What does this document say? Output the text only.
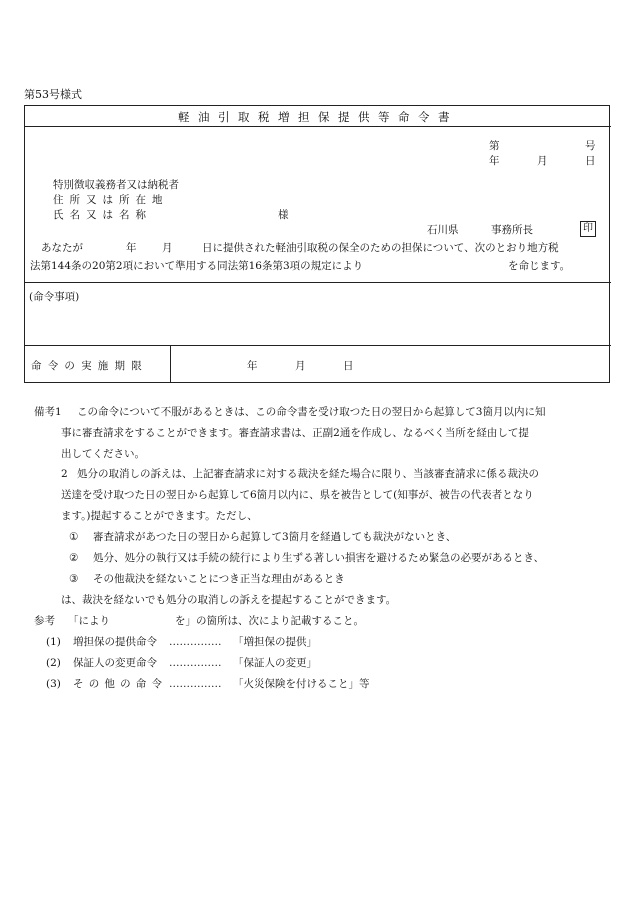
第53号様式
軽油引取税増担保提供等命令書
第	号
年	月	日
特別徴収義務者又は納税者
住所又は所在地
氏名又は名称	様
石川県	事務所長	印
あなたが	年 月	日に提供された軽油引取税の保全のための担保について、次のとおり地方税
法第144条の20第2項において準用する同法第16条第3項の規定により	を命じます。
(命令事項)
命令の実施期限	年	月	日
備考1 この命令について不服があるときは、この命令書を受け取つた日の翌日から起算して3箇月以内に知
事に審査請求をすることができます。審査請求書は、正副2通を作成し、なるべく当所を経由して提
出してください。
2 処分の取消しの訴えは、上記審査請求に対する裁決を経た場合に限り、当該審査請求に係る裁決の
送達を受け取つた日の翌日から起算して6箇月以内に、県を被告として(知事が、被告の代表者となり
ます。)提起することができます。ただし、
① 審査請求があつた日の翌日から起算して3箇月を経過しても裁決がないとき、
② 処分、処分の執行又は手続の続行により生ずる著しい損害を避けるため緊急の必要があるとき、
③ その他裁決を経ないことにつき正当な理由があるとき
は、裁決を経ないでも処分の取消しの訴えを提起することができます。
参考 「により	を」の箇所は、次により記載すること。
(1) 増担保の提供命令 …………… 「増担保の提供」
(2) 保証人の変更命令 …………… 「保証人の変更」
(3) その他の命令 …………… 「火災保険を付けること」等
